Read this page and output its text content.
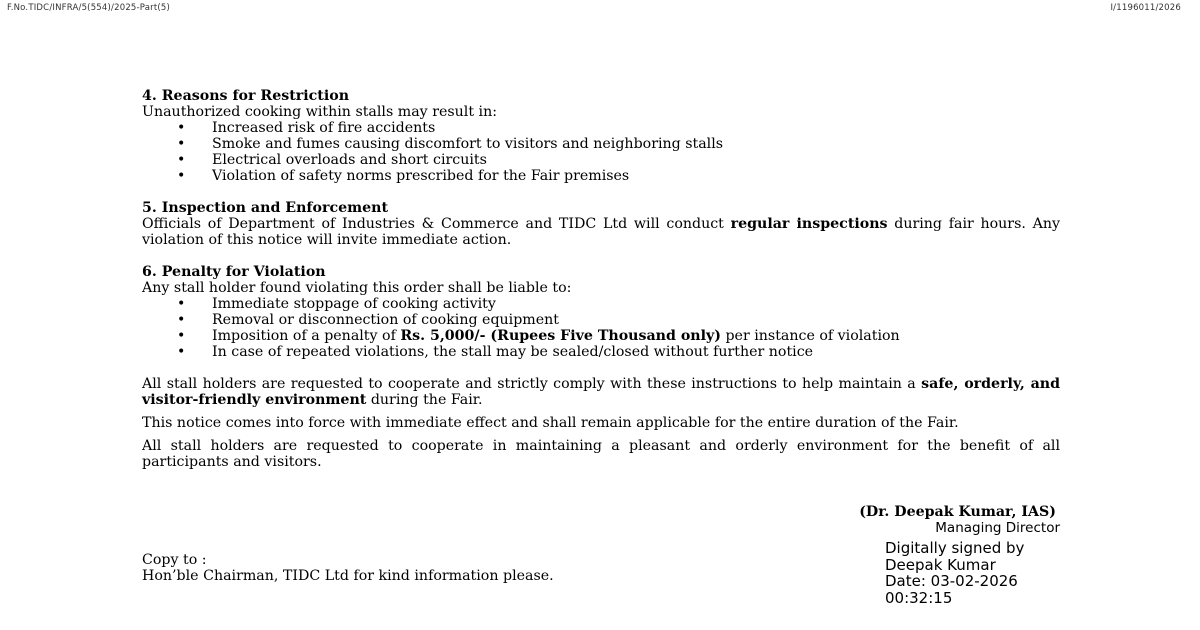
F.No.TIDC/INFRA/5(554)/2025-Part(5)	I/1196011/2026

4. Reasons for Restriction

Unauthorized cooking within stalls may result in:

• Increased risk of fire accidents
• Smoke and fumes causing discomfort to visitors and neighboring stalls
• Electrical overloads and short circuits
• Violation of safety norms prescribed for the Fair premises

5. Inspection and Enforcement

Officials of Department of Industries & Commerce and TIDC Ltd will conduct regular inspections during fair hours. Any violation of this notice will invite immediate action.

6. Penalty for Violation

Any stall holder found violating this order shall be liable to:

• Immediate stoppage of cooking activity
• Removal or disconnection of cooking equipment
• Imposition of a penalty of Rs. 5,000/- (Rupees Five Thousand only) per instance of violation
• In case of repeated violations, the stall may be sealed/closed without further notice

All stall holders are requested to cooperate and strictly comply with these instructions to help maintain a safe, orderly, and visitor-friendly environment during the Fair.

This notice comes into force with immediate effect and shall remain applicable for the entire duration of the Fair.

All stall holders are requested to cooperate in maintaining a pleasant and orderly environment for the benefit of all participants and visitors.

(Dr. Deepak Kumar, IAS)
Managing Director
Copy to :
Hon’ble Chairman, TIDC Ltd for kind information please.
Digitally signed by
Deepak Kumar
Date: 03-02-2026
00:32:15
